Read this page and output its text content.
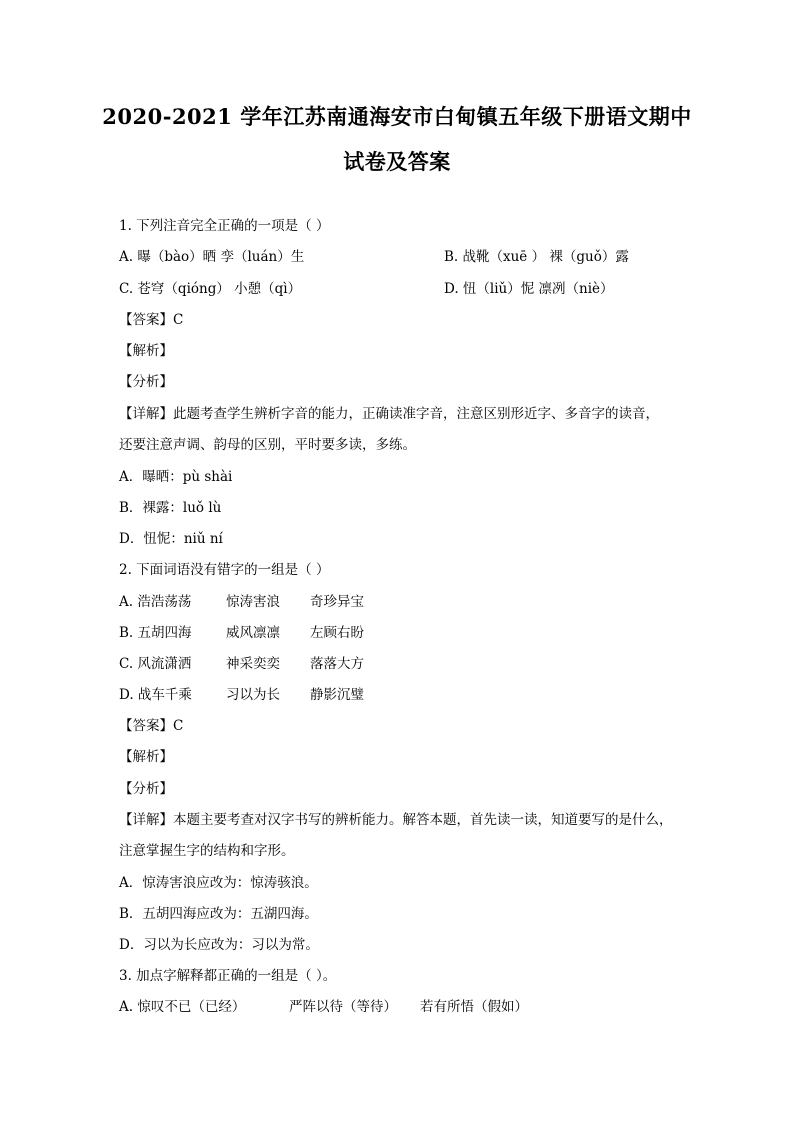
2020-2021 学年江苏南通海安市白甸镇五年级下册语文期中
试卷及答案
1. 下列注音完全正确的一项是（ ）
A. 曝（bào）晒 孪（luán）生	B. 战靴（xuē ） 裸（guǒ）露
C. 苍穹（qióng） 小憩（qì）	D. 忸（liǔ）怩 凛冽（niè）
【答案】C
【解析】
【分析】
【详解】此题考查学生辨析字音的能力，正确读准字音，注意区别形近字、多音字的读音，
还要注意声调、韵母的区别，平时要多读，多练。
A．曝晒：pù shài
B．裸露：luǒ lù
D．忸怩：niǔ ní
2. 下面词语没有错字的一组是（ ）
A. 浩浩荡荡	惊涛害浪 奇珍异宝
B. 五胡四海	威风凛凛 左顾右盼
C. 风流潇洒	神采奕奕 落落大方
D. 战车千乘	习以为长 静影沉璧
【答案】C
【解析】
【分析】
【详解】本题主要考查对汉字书写的辨析能力。解答本题，首先读一读，知道要写的是什么，
注意掌握生字的结构和字形。
A．惊涛害浪应改为：惊涛骇浪。
B．五胡四海应改为：五湖四海。
D．习以为长应改为：习以为常。
3. 加点字解释都正确的一组是（ ）。
A. 惊叹不已（已经）	严阵以待（等待） 若有所悟（假如）
